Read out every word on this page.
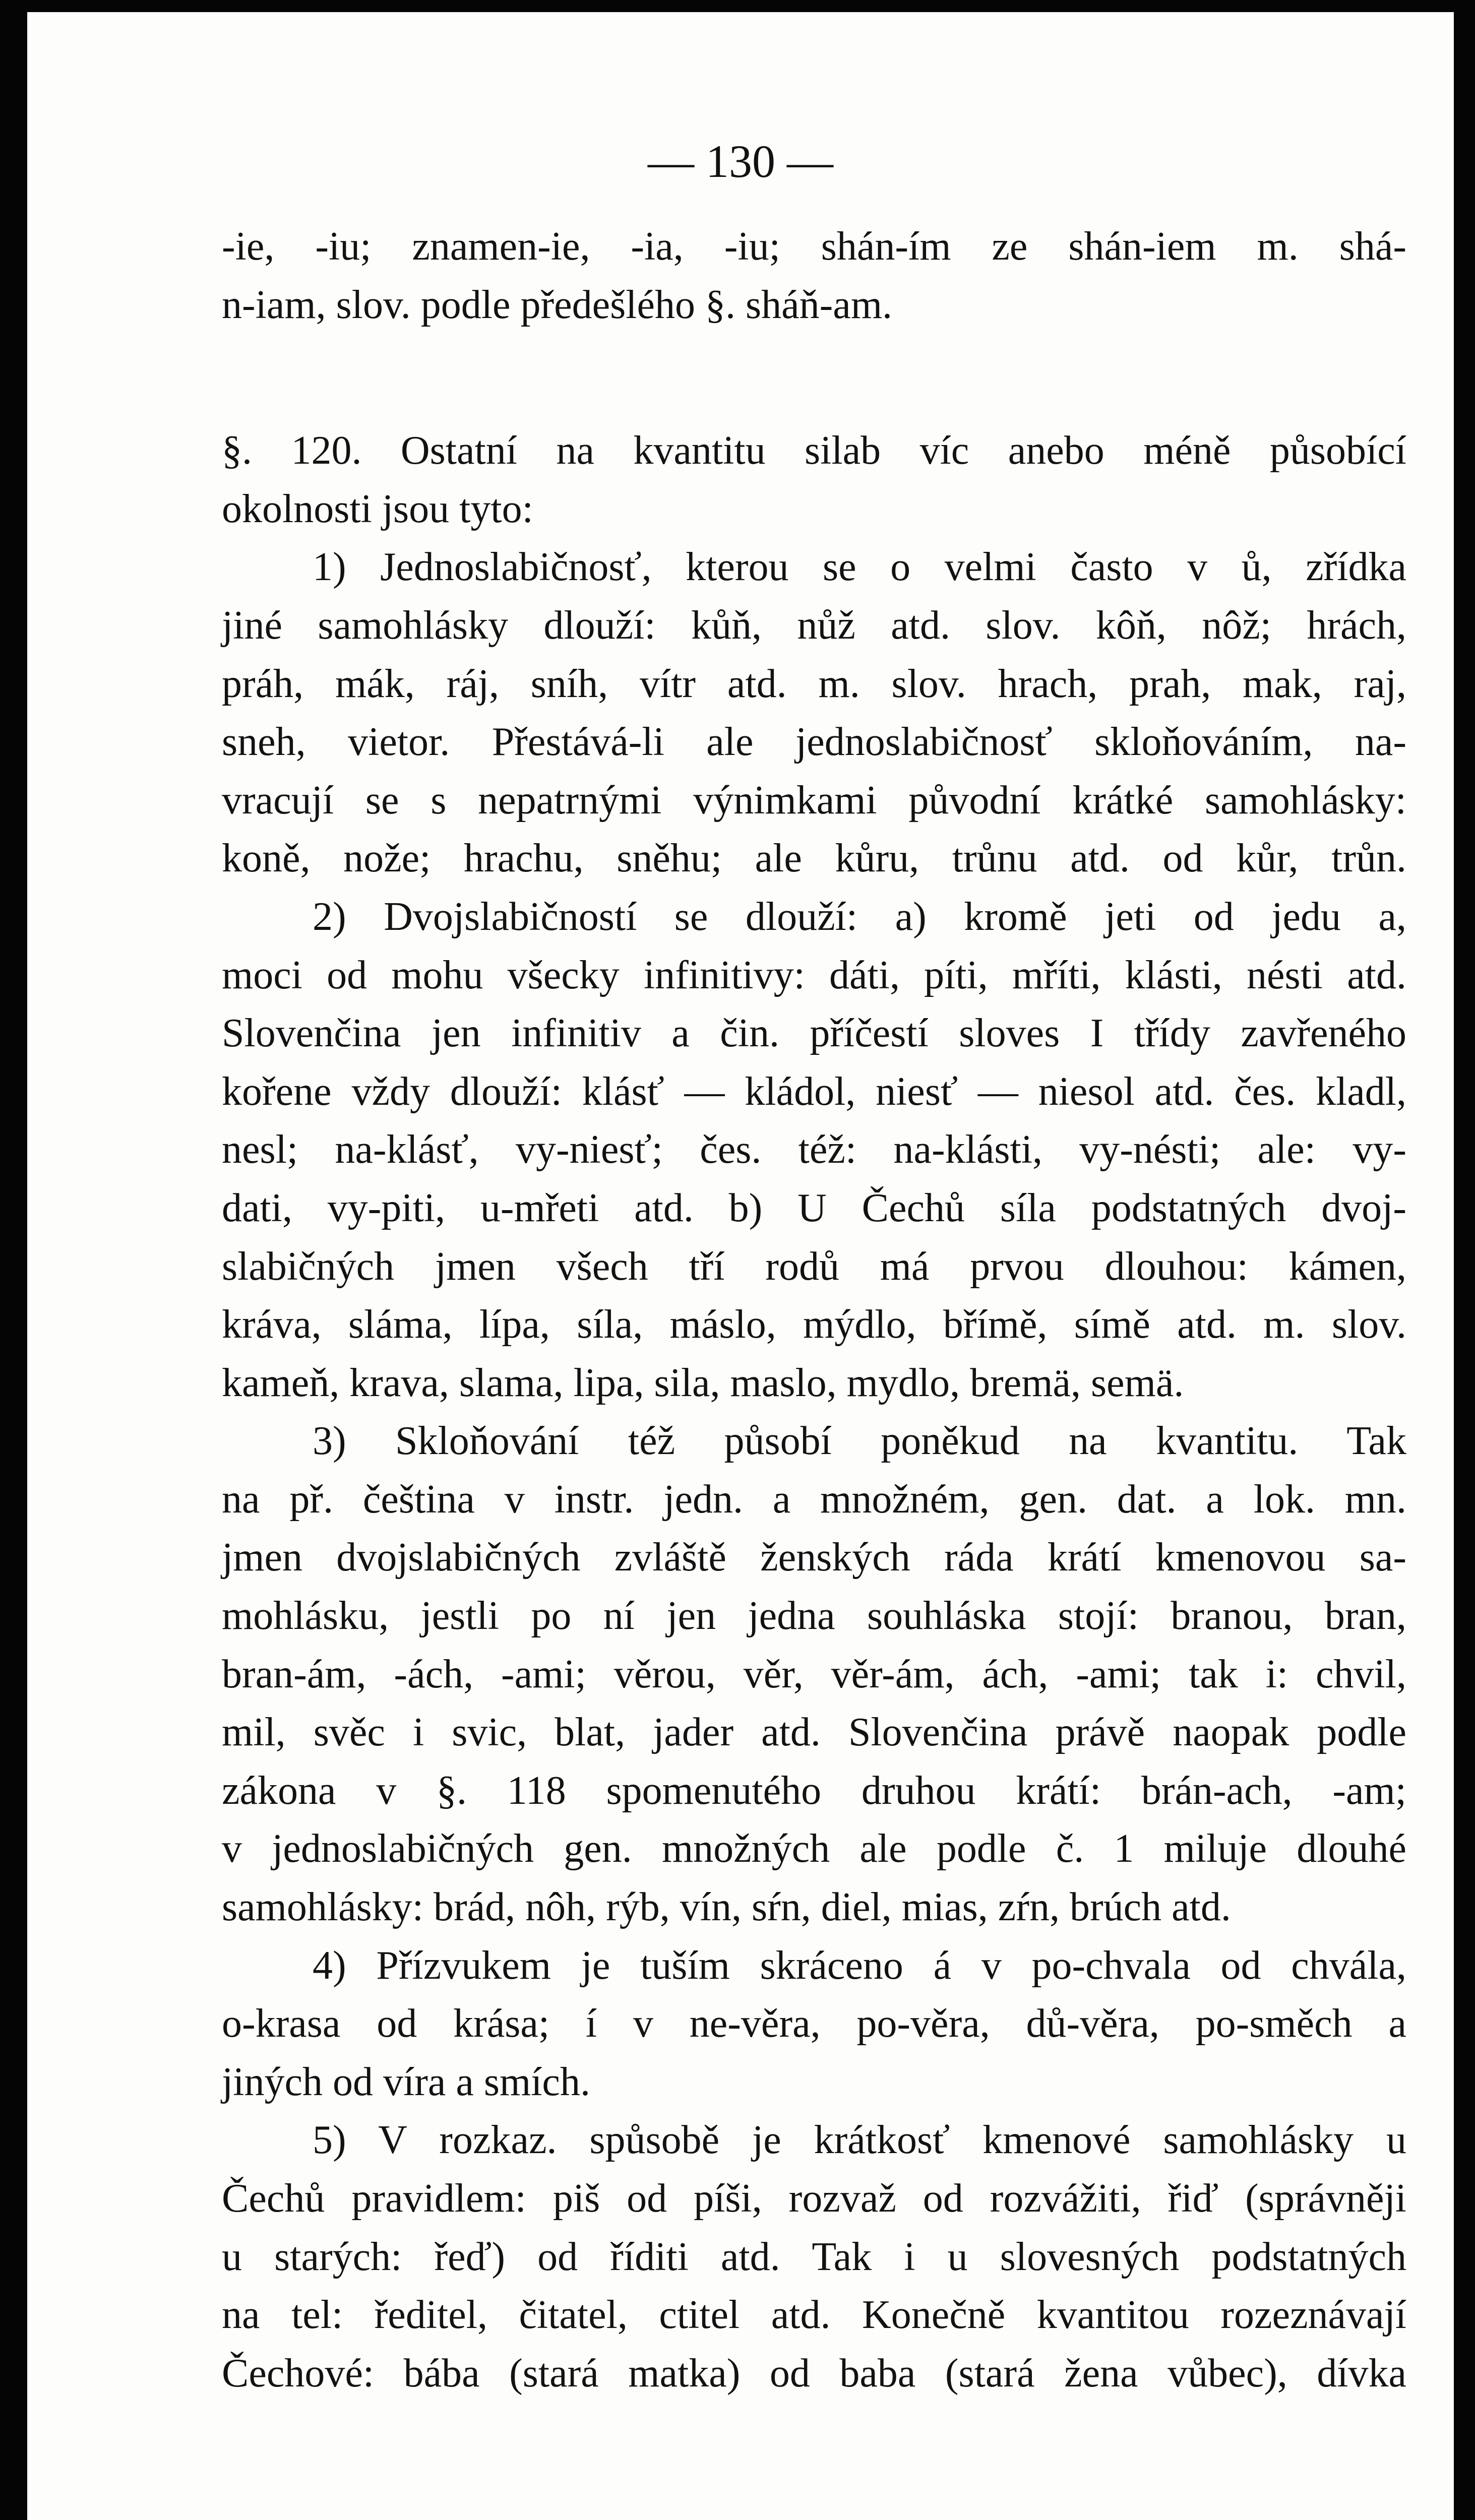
— 130 —
-ie, -iu; znamen-ie, -ia, -iu; shán-ím ze shán-iem m. shá-
n-iam, slov. podle předešlého §. sháň-am.
§. 120. Ostatní na kvantitu silab víc anebo méně působící
okolnosti jsou tyto:
1) Jednoslabičnosť, kterou se o velmi často v ů, zřídka
jiné samohlásky dlouží: kůň, nůž atd. slov. kôň, nôž; hrách,
práh, mák, ráj, sníh, vítr atd. m. slov. hrach, prah, mak, raj,
sneh, vietor. Přestává-li ale jednoslabičnosť skloňováním, na-
vracují se s nepatrnými výnimkami původní krátké samohlásky:
koně, nože; hrachu, sněhu; ale kůru, trůnu atd. od kůr, trůn.
2) Dvojslabičností se dlouží: a) kromě jeti od jedu a,
moci od mohu všecky infinitivy: dáti, píti, mříti, klásti, nésti atd.
Slovenčina jen infinitiv a čin. příčestí sloves I třídy zavřeného
kořene vždy dlouží: klásť — kládol, niesť — niesol atd. čes. kladl,
nesl; na-klásť, vy-niesť; čes. též: na-klásti, vy-nésti; ale: vy-
dati, vy-piti, u-mřeti atd. b) U Čechů síla podstatných dvoj-
slabičných jmen všech tří rodů má prvou dlouhou: kámen,
kráva, sláma, lípa, síla, máslo, mýdlo, břímě, símě atd. m. slov.
kameň, krava, slama, lipa, sila, maslo, mydlo, bremä, semä.
3) Skloňování též působí poněkud na kvantitu. Tak
na př. čeština v instr. jedn. a množném, gen. dat. a lok. mn.
jmen dvojslabičných zvláště ženských ráda krátí kmenovou sa-
mohlásku, jestli po ní jen jedna souhláska stojí: branou, bran,
bran-ám, -ách, -ami; věrou, věr, věr-ám, ách, -ami; tak i: chvil,
mil, svěc i svic, blat, jader atd. Slovenčina právě naopak podle
zákona v §. 118 spomenutého druhou krátí: brán-ach, -am;
v jednoslabičných gen. množných ale podle č. 1 miluje dlouhé
samohlásky: brád, nôh, rýb, vín, sŕn, diel, mias, zŕn, brúch atd.
4) Přízvukem je tuším skráceno á v po-chvala od chvála,
o-krasa od krása; í v ne-věra, po-věra, dů-věra, po-směch a
jiných od víra a smích.
5) V rozkaz. spůsobě je krátkosť kmenové samohlásky u
Čechů pravidlem: piš od píši, rozvaž od rozvážiti, řiď (správněji
u starých: řeď) od říditi atd. Tak i u slovesných podstatných
na tel: ředitel, čitatel, ctitel atd. Konečně kvantitou rozeznávají
Čechové: bába (stará matka) od baba (stará žena vůbec), dívka
